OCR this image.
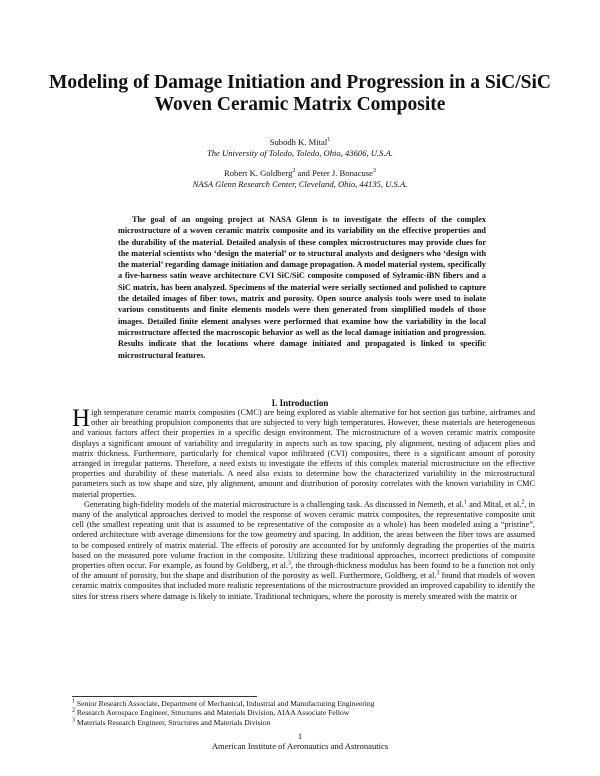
Modeling of Damage Initiation and Progression in a SiC/SiC
Woven Ceramic Matrix Composite
Subodh K. Mital$^1$
The University of Toledo, Toledo, Ohio, 43606, U.S.A.
Robert K. Goldberg$^2$ and Peter J. Bonacuse$^3$
NASA Glenn Research Center, Cleveland, Ohio, 44135, U.S.A.

The goal of an ongoing project at NASA Glenn is to investigate the effects of the complex microstructure of a woven ceramic matrix composite and its variability on the effective properties and the durability of the material. Detailed analysis of these complex microstructures may provide clues for the material scientists who ‘design the material’ or to structural analysts and designers who ‘design with the material’ regarding damage initiation and damage propagation. A model material system, specifically a five-harness satin weave architecture CVI SiC/SiC composite composed of Sylramic-iBN fibers and a SiC matrix, has been analyzed. Specimens of the material were serially sectioned and polished to capture the detailed images of fiber tows, matrix and porosity. Open source analysis tools were used to isolate various constituents and finite elements models were then generated from simplified models of those images. Detailed finite element analyses were performed that examine how the variability in the local microstructure affected the macroscopic behavior as well as the local damage initiation and progression. Results indicate that the locations where damage initiated and propagated is linked to specific microstructural features.

I. Introduction

High temperature ceramic matrix composites (CMC) are being explored as viable alternative for hot section gas turbine, airframes and other air breathing propulsion components that are subjected to very high temperatures. However, these materials are heterogeneous and various factors affect their properties in a specific design environment. The microstructure of a woven ceramic matrix composite displays a significant amount of variability and irregularity in aspects such as tow spacing, ply alignment, nesting of adjacent plies and matrix thickness. Furthermore, particularly for chemical vapor infiltrated (CVI) composites, there is a significant amount of porosity arranged in irregular patterns. Therefore, a need exists to investigate the effects of this complex material microstructure on the effective properties and durability of these materials. A need also exists to determine how the characterized variability in the microstructural parameters such as tow shape and size, ply alignment, amount and distribution of porosity correlates with the known variability in CMC material properties.

Generating high-fidelity models of the material microstructure is a challenging task. As discussed in Nemeth, et al.$^1$ and Mital, et al.$^2$, in many of the analytical approaches derived to model the response of woven ceramic matrix composites, the representative composite unit cell (the smallest repeating unit that is assumed to be representative of the composite as a whole) has been modeled using a “pristine”, ordered architecture with average dimensions for the tow geometry and spacing. In addition, the areas between the fiber tows are assumed to be composed entirely of matrix material. The effects of porosity are accounted for by uniformly degrading the properties of the matrix based on the measured pore volume fraction in the composite. Utilizing these traditional approaches, incorrect predictions of composite properties often occur. For example, as found by Goldberg, et al.$^3$, the through-thickness modulus has been found to be a function not only of the amount of porosity, but the shape and distribution of the porosity as well. Furthermore, Goldberg, et al.$^3$ found that models of woven ceramic matrix composites that included more realistic representations of the microstructure provided an improved capability to identify the sites for stress risers where damage is likely to initiate. Traditional techniques, where the porosity is merely smeared with the matrix or

$^1$ Senior Research Associate, Department of Mechanical, Industrial and Manufacturing Engineering
$^2$ Research Aerospace Engineer, Structures and Materials Division, AIAA Associate Fellow
$^3$ Materials Research Engineer, Structures and Materials Division
1
American Institute of Aeronautics and Astronautics
